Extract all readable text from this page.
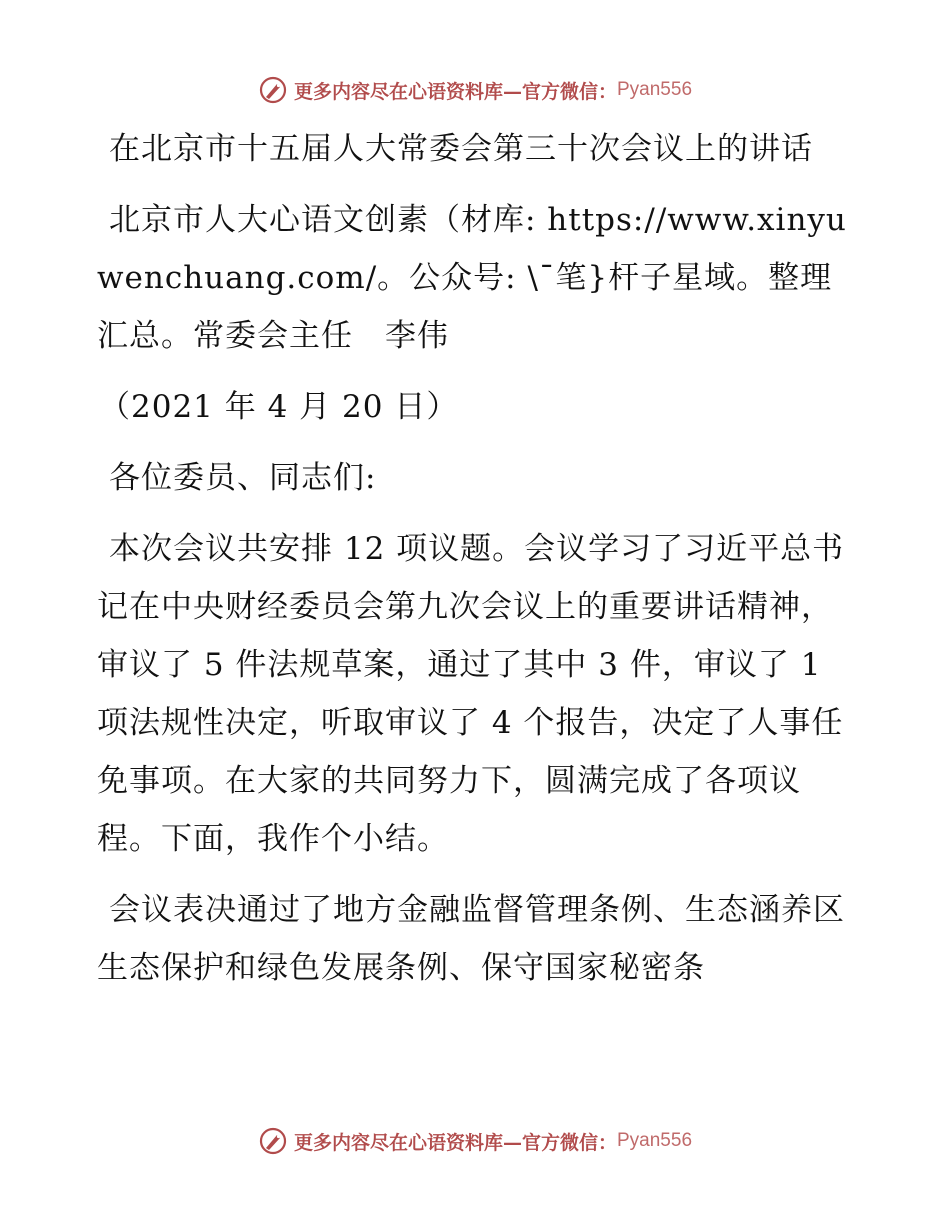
更多内容尽在心语资料库—官方微信： Pyan556

在北京市十五届人大常委会第三十次会议上的讲话

北京市人大心语文创素（材库: https://www.xinyuwenchuang.com/。公众号: \¯笔}杆子星域。整理汇总。常委会主任　李伟

（2021 年 4 月 20 日）

各位委员、同志们:

本次会议共安排 12 项议题。会议学习了习近平总书记在中央财经委员会第九次会议上的重要讲话精神，审议了 5 件法规草案，通过了其中 3 件，审议了 1 项法规性决定，听取审议了 4 个报告，决定了人事任免事项。在大家的共同努力下，圆满完成了各项议程。下面，我作个小结。

会议表决通过了地方金融监督管理条例、生态涵养区生态保护和绿色发展条例、保守国家秘密条

更多内容尽在心语资料库—官方微信： Pyan556
